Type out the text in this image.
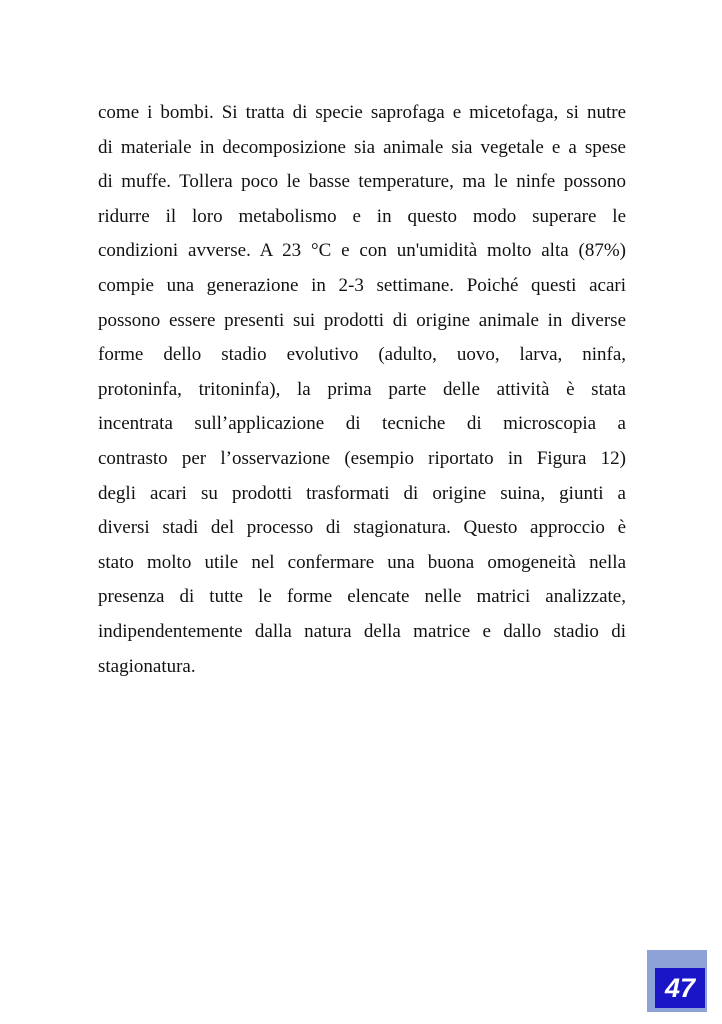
come i bombi. Si tratta di specie saprofaga e micetofaga, si nutre
di materiale in decomposizione sia animale sia vegetale e a spese
di muffe. Tollera poco le basse temperature, ma le ninfe possono
ridurre il loro metabolismo e in questo modo superare le
condizioni avverse. A 23 °C e con un'umidità molto alta (87%)
compie una generazione in 2-3 settimane. Poiché questi acari
possono essere presenti sui prodotti di origine animale in diverse
forme dello stadio evolutivo (adulto, uovo, larva, ninfa,
protoninfa, tritoninfa), la prima parte delle attività è stata
incentrata sull’applicazione di tecniche di microscopia a
contrasto per l’osservazione (esempio riportato in Figura 12)
degli acari su prodotti trasformati di origine suina, giunti a
diversi stadi del processo di stagionatura. Questo approccio è
stato molto utile nel confermare una buona omogeneità nella
presenza di tutte le forme elencate nelle matrici analizzate,
indipendentemente dalla natura della matrice e dallo stadio di
stagionatura.

47
